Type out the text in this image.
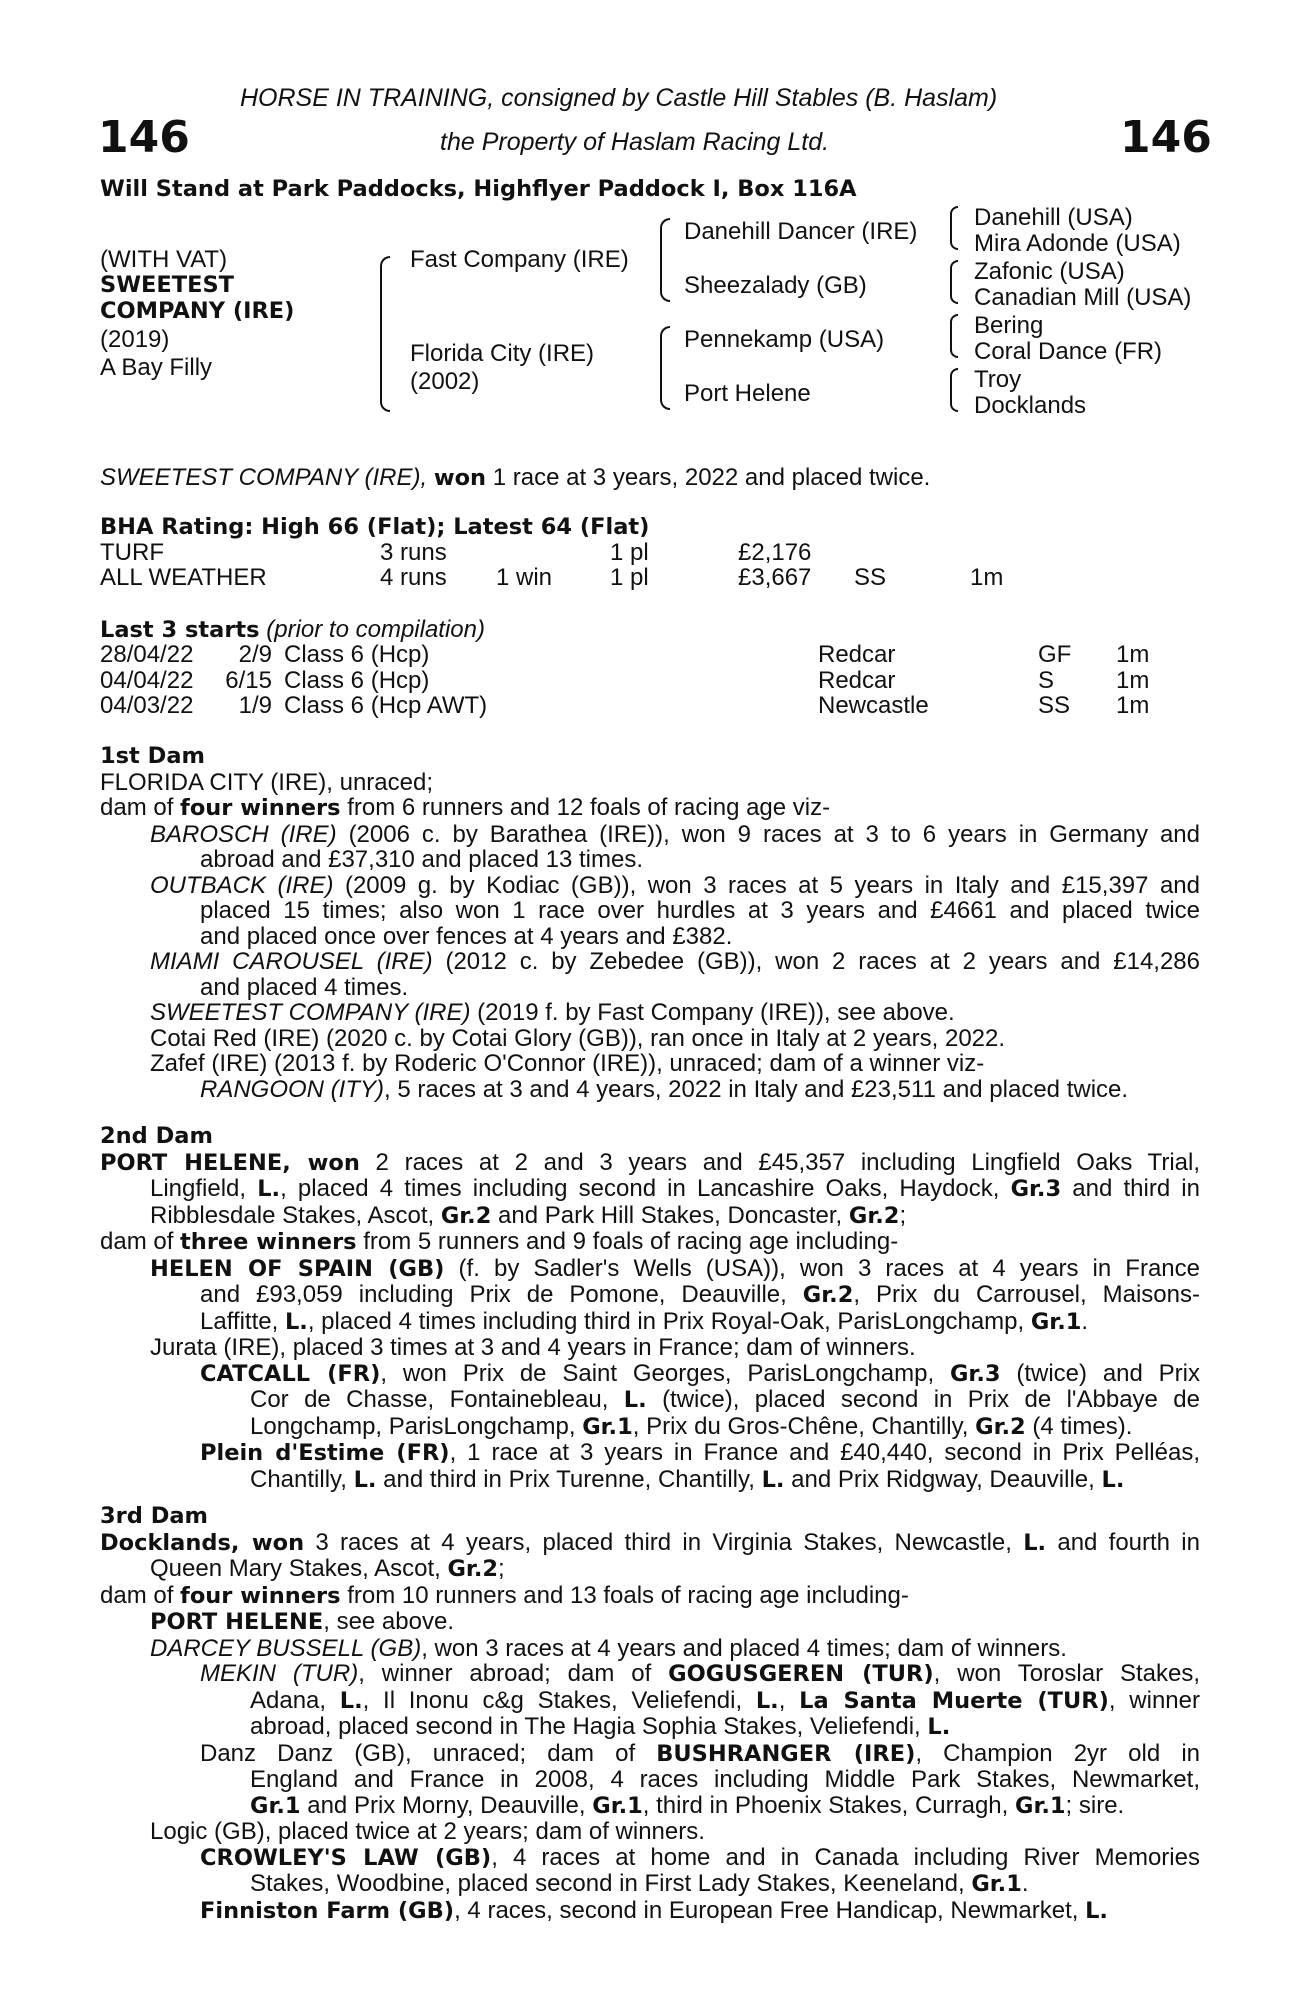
146	146
HORSE IN TRAINING, consigned by Castle Hill Stables (B. Haslam)
the Property of Haslam Racing Ltd.
Will Stand at Park Paddocks, Highflyer Paddock I, Box 116A
(WITH VAT)
SWEETEST
COMPANY (IRE)
(2019)
A Bay Filly
Fast Company (IRE)
Florida City (IRE)
(2002)
Danehill Dancer (IRE)
Sheezalady (GB)
Pennekamp (USA)
Port Helene
Danehill (USA)
Mira Adonde (USA)
Zafonic (USA)
Canadian Mill (USA)
Bering
Coral Dance (FR)
Troy
Docklands
SWEETEST COMPANY (IRE), won 1 race at 3 years, 2022 and placed twice.
BHA Rating: High 66 (Flat); Latest 64 (Flat)
TURF	3 runs		1 pl	£2,176		
ALL WEATHER	4 runs	1 win	1 pl	£3,667	SS	1m
Last 3 starts (prior to compilation)
28/04/22	2/9	Class 6 (Hcp)	Redcar	GF	1m
04/04/22	6/15	Class 6 (Hcp)	Redcar	S	1m
04/03/22	1/9	Class 6 (Hcp AWT)	Newcastle	SS	1m
1st Dam
FLORIDA CITY (IRE), unraced;
dam of four winners from 6 runners and 12 foals of racing age viz-
BAROSCH (IRE) (2006 c. by Barathea (IRE)), won 9 races at 3 to 6 years in Germany and
abroad and £37,310 and placed 13 times.
OUTBACK (IRE) (2009 g. by Kodiac (GB)), won 3 races at 5 years in Italy and £15,397 and
placed 15 times; also won 1 race over hurdles at 3 years and £4661 and placed twice
and placed once over fences at 4 years and £382.
MIAMI CAROUSEL (IRE) (2012 c. by Zebedee (GB)), won 2 races at 2 years and £14,286
and placed 4 times.
SWEETEST COMPANY (IRE) (2019 f. by Fast Company (IRE)), see above.
Cotai Red (IRE) (2020 c. by Cotai Glory (GB)), ran once in Italy at 2 years, 2022.
Zafef (IRE) (2013 f. by Roderic O'Connor (IRE)), unraced; dam of a winner viz-
RANGOON (ITY), 5 races at 3 and 4 years, 2022 in Italy and £23,511 and placed twice.
2nd Dam
PORT HELENE, won 2 races at 2 and 3 years and £45,357 including Lingfield Oaks Trial,
Lingfield, L., placed 4 times including second in Lancashire Oaks, Haydock, Gr.3 and third in
Ribblesdale Stakes, Ascot, Gr.2 and Park Hill Stakes, Doncaster, Gr.2;
dam of three winners from 5 runners and 9 foals of racing age including-
HELEN OF SPAIN (GB) (f. by Sadler's Wells (USA)), won 3 races at 4 years in France
and £93,059 including Prix de Pomone, Deauville, Gr.2, Prix du Carrousel, Maisons-
Laffitte, L., placed 4 times including third in Prix Royal-Oak, ParisLongchamp, Gr.1.
Jurata (IRE), placed 3 times at 3 and 4 years in France; dam of winners.
CATCALL (FR), won Prix de Saint Georges, ParisLongchamp, Gr.3 (twice) and Prix
Cor de Chasse, Fontainebleau, L. (twice), placed second in Prix de l'Abbaye de
Longchamp, ParisLongchamp, Gr.1, Prix du Gros-Chêne, Chantilly, Gr.2 (4 times).
Plein d'Estime (FR), 1 race at 3 years in France and £40,440, second in Prix Pelléas,
Chantilly, L. and third in Prix Turenne, Chantilly, L. and Prix Ridgway, Deauville, L.
3rd Dam
Docklands, won 3 races at 4 years, placed third in Virginia Stakes, Newcastle, L. and fourth in
Queen Mary Stakes, Ascot, Gr.2;
dam of four winners from 10 runners and 13 foals of racing age including-
PORT HELENE, see above.
DARCEY BUSSELL (GB), won 3 races at 4 years and placed 4 times; dam of winners.
MEKIN (TUR), winner abroad; dam of GOGUSGEREN (TUR), won Toroslar Stakes,
Adana, L., Il Inonu c&g Stakes, Veliefendi, L., La Santa Muerte (TUR), winner
abroad, placed second in The Hagia Sophia Stakes, Veliefendi, L.
Danz Danz (GB), unraced; dam of BUSHRANGER (IRE), Champion 2yr old in
England and France in 2008, 4 races including Middle Park Stakes, Newmarket,
Gr.1 and Prix Morny, Deauville, Gr.1, third in Phoenix Stakes, Curragh, Gr.1; sire.
Logic (GB), placed twice at 2 years; dam of winners.
CROWLEY'S LAW (GB), 4 races at home and in Canada including River Memories
Stakes, Woodbine, placed second in First Lady Stakes, Keeneland, Gr.1.
Finniston Farm (GB), 4 races, second in European Free Handicap, Newmarket, L.
